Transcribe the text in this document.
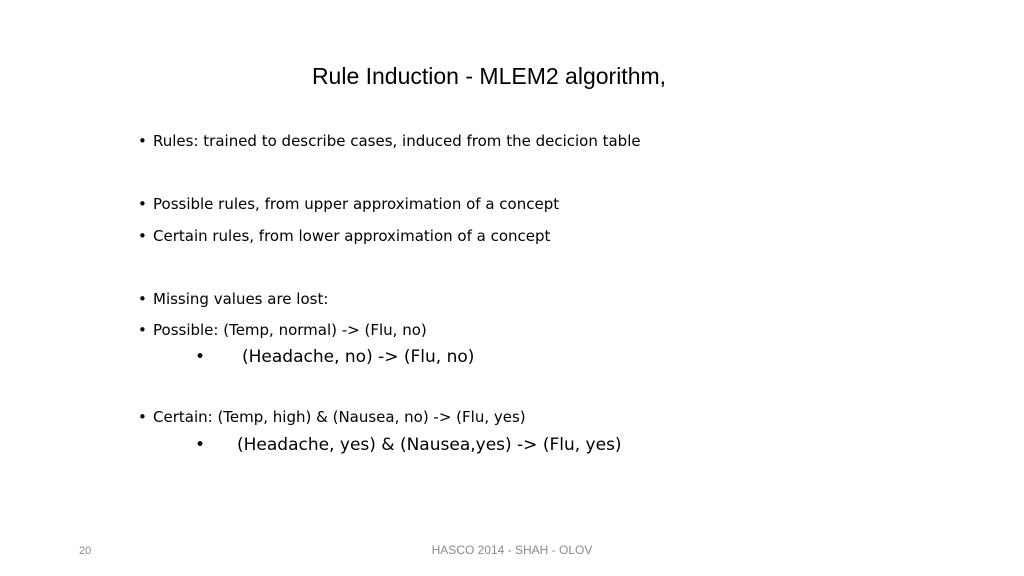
Rule Induction - MLEM2 algorithm,
• Rules: trained to describe cases, induced from the decicion table
• Possible rules, from upper approximation of a concept
• Certain rules, from lower approximation of a concept
• Missing values are lost:
• Possible: (Temp, normal) -> (Flu, no)
• (Headache, no) -> (Flu, no)
• Certain: (Temp, high) & (Nausea, no) -> (Flu, yes)
• (Headache, yes) & (Nausea,yes) -> (Flu, yes)
20	HASCO 2014 - SHAH - OLOV
